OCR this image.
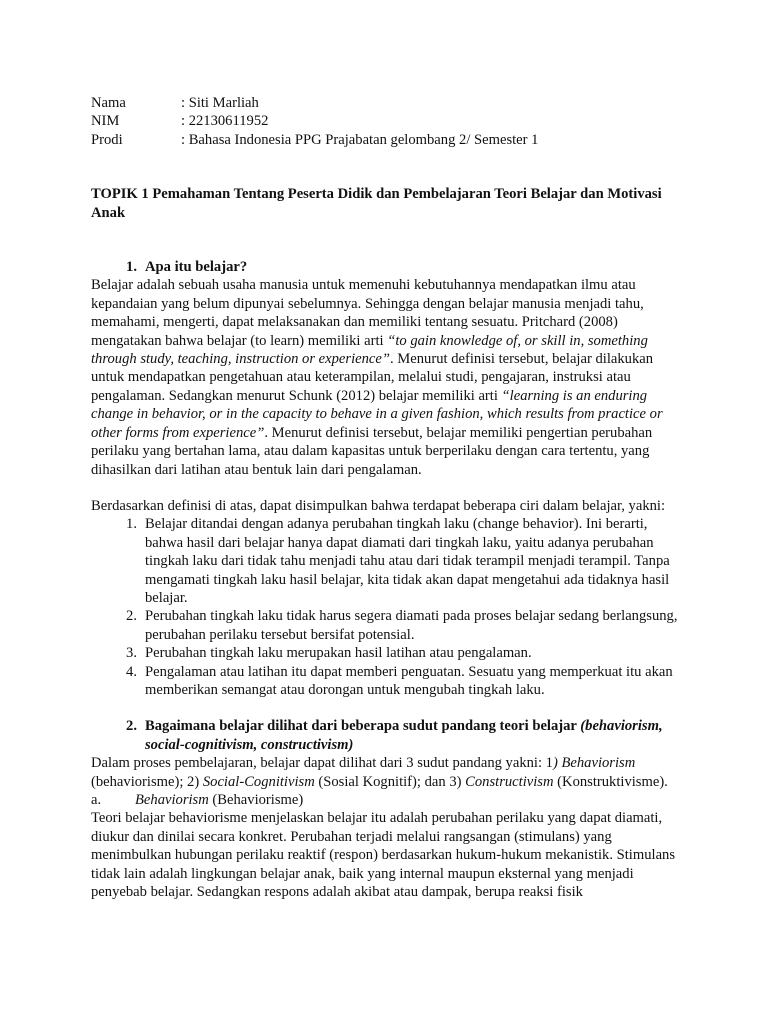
Nama	: Siti Marliah
NIM	: 22130611952
Prodi	: Bahasa Indonesia PPG Prajabatan gelombang 2/ Semester 1
TOPIK 1 Pemahaman Tentang Peserta Didik dan Pembelajaran Teori Belajar dan Motivasi Anak
1. Apa itu belajar?

Belajar adalah sebuah usaha manusia untuk memenuhi kebutuhannya mendapatkan ilmu atau kepandaian yang belum dipunyai sebelumnya. Sehingga dengan belajar manusia menjadi tahu, memahami, mengerti, dapat melaksanakan dan memiliki tentang sesuatu. Pritchard (2008) mengatakan bahwa belajar (to learn) memiliki arti “to gain knowledge of, or skill in, something through study, teaching, instruction or experience”. Menurut definisi tersebut, belajar dilakukan untuk mendapatkan pengetahuan atau keterampilan, melalui studi, pengajaran, instruksi atau pengalaman. Sedangkan menurut Schunk (2012) belajar memiliki arti “learning is an enduring change in behavior, or in the capacity to behave in a given fashion, which results from practice or other forms from experience”. Menurut definisi tersebut, belajar memiliki pengertian perubahan perilaku yang bertahan lama, atau dalam kapasitas untuk berperilaku dengan cara tertentu, yang dihasilkan dari latihan atau bentuk lain dari pengalaman.

Berdasarkan definisi di atas, dapat disimpulkan bahwa terdapat beberapa ciri dalam belajar, yakni:

1. Belajar ditandai dengan adanya perubahan tingkah laku (change behavior). Ini berarti, bahwa hasil dari belajar hanya dapat diamati dari tingkah laku, yaitu adanya perubahan tingkah laku dari tidak tahu menjadi tahu atau dari tidak terampil menjadi terampil. Tanpa mengamati tingkah laku hasil belajar, kita tidak akan dapat mengetahui ada tidaknya hasil belajar.
2. Perubahan tingkah laku tidak harus segera diamati pada proses belajar sedang berlangsung, perubahan perilaku tersebut bersifat potensial.
3. Perubahan tingkah laku merupakan hasil latihan atau pengalaman.
4. Pengalaman atau latihan itu dapat memberi penguatan. Sesuatu yang memperkuat itu akan memberikan semangat atau dorongan untuk mengubah tingkah laku.
2. Bagaimana belajar dilihat dari beberapa sudut pandang teori belajar (behaviorism, social-cognitivism, constructivism)

Dalam proses pembelajaran, belajar dapat dilihat dari 3 sudut pandang yakni: 1) Behaviorism (behaviorisme); 2) Social-Cognitivism (Sosial Kognitif); dan 3) Constructivism (Konstruktivisme).

a.	Behaviorism (Behaviorisme)

Teori belajar behaviorisme menjelaskan belajar itu adalah perubahan perilaku yang dapat diamati, diukur dan dinilai secara konkret. Perubahan terjadi melalui rangsangan (stimulans) yang menimbulkan hubungan perilaku reaktif (respon) berdasarkan hukum-hukum mekanistik. Stimulans tidak lain adalah lingkungan belajar anak, baik yang internal maupun eksternal yang menjadi penyebab belajar. Sedangkan respons adalah akibat atau dampak, berupa reaksi fisik
